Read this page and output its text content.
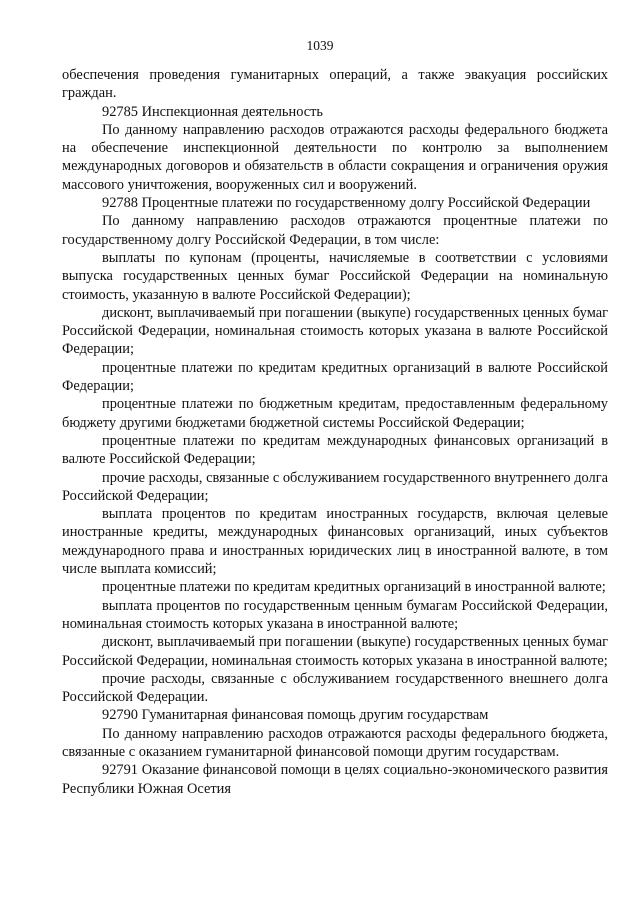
1039

обеспечения проведения гуманитарных операций, а также эвакуация российских граждан.

92785 Инспекционная деятельность

По данному направлению расходов отражаются расходы федерального бюджета на обеспечение инспекционной деятельности по контролю за выполнением международных договоров и обязательств в области сокращения и ограничения оружия массового уничтожения, вооруженных сил и вооружений.

92788 Процентные платежи по государственному долгу Российской Федерации

По данному направлению расходов отражаются процентные платежи по государственному долгу Российской Федерации, в том числе:

выплаты по купонам (проценты, начисляемые в соответствии с условиями выпуска государственных ценных бумаг Российской Федерации на номинальную стоимость, указанную в валюте Российской Федерации);

дисконт, выплачиваемый при погашении (выкупе) государственных ценных бумаг Российской Федерации, номинальная стоимость которых указана в валюте Российской Федерации;

процентные платежи по кредитам кредитных организаций в валюте Российской Федерации;

процентные платежи по бюджетным кредитам, предоставленным федеральному бюджету другими бюджетами бюджетной системы Российской Федерации;

процентные платежи по кредитам международных финансовых организаций в валюте Российской Федерации;

прочие расходы, связанные с обслуживанием государственного внутреннего долга Российской Федерации;

выплата процентов по кредитам иностранных государств, включая целевые иностранные кредиты, международных финансовых организаций, иных субъектов международного права и иностранных юридических лиц в иностранной валюте, в том числе выплата комиссий;

процентные платежи по кредитам кредитных организаций в иностранной валюте;

выплата процентов по государственным ценным бумагам Российской Федерации, номинальная стоимость которых указана в иностранной валюте;

дисконт, выплачиваемый при погашении (выкупе) государственных ценных бумаг Российской Федерации, номинальная стоимость которых указана в иностранной валюте;

прочие расходы, связанные с обслуживанием государственного внешнего долга Российской Федерации.

92790 Гуманитарная финансовая помощь другим государствам

По данному направлению расходов отражаются расходы федерального бюджета, связанные с оказанием гуманитарной финансовой помощи другим государствам.

92791 Оказание финансовой помощи в целях социально-экономического развития Республики Южная Осетия
